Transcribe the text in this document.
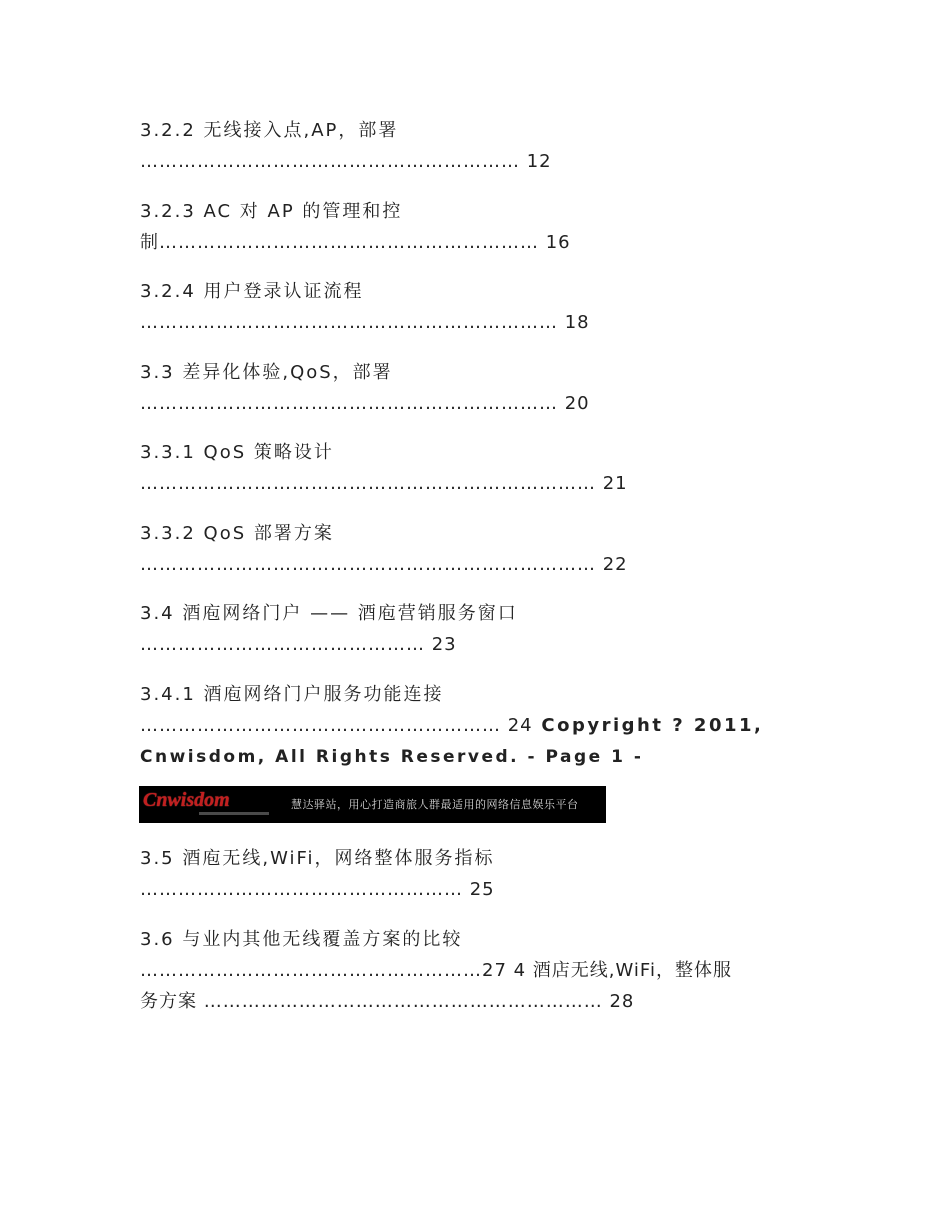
3.2.2 无线接入点,AP，部署

…………………………………………………… 12

3.2.3 AC 对 AP 的管理和控

制…………………………………………………… 16

3.2.4 用户登录认证流程

………………………………………………………… 18

3.3 差异化体验,QoS，部署

………………………………………………………… 20

3.3.1 QoS 策略设计

……………………………………………………………… 21

3.3.2 QoS 部署方案

……………………………………………………………… 22

3.4 酒庖网络门户 —— 酒庖营销服务窗口

……………………………………… 23

3.4.1 酒庖网络门户服务功能连接

………………………………………………… 24 Copyright ? 2011,

Cnwisdom, All Rights Reserved. - Page 1 -

Cnwisdom	慧达驿站，用心打造商旅人群最适用的网络信息娱乐平台

3.5 酒庖无线,WiFi，网络整体服务指标

…………………………………………… 25

3.6 与业内其他无线覆盖方案的比较

………………………………………………27 4 酒店无线,WiFi，整体服

务方案 ……………………………………………………… 28
